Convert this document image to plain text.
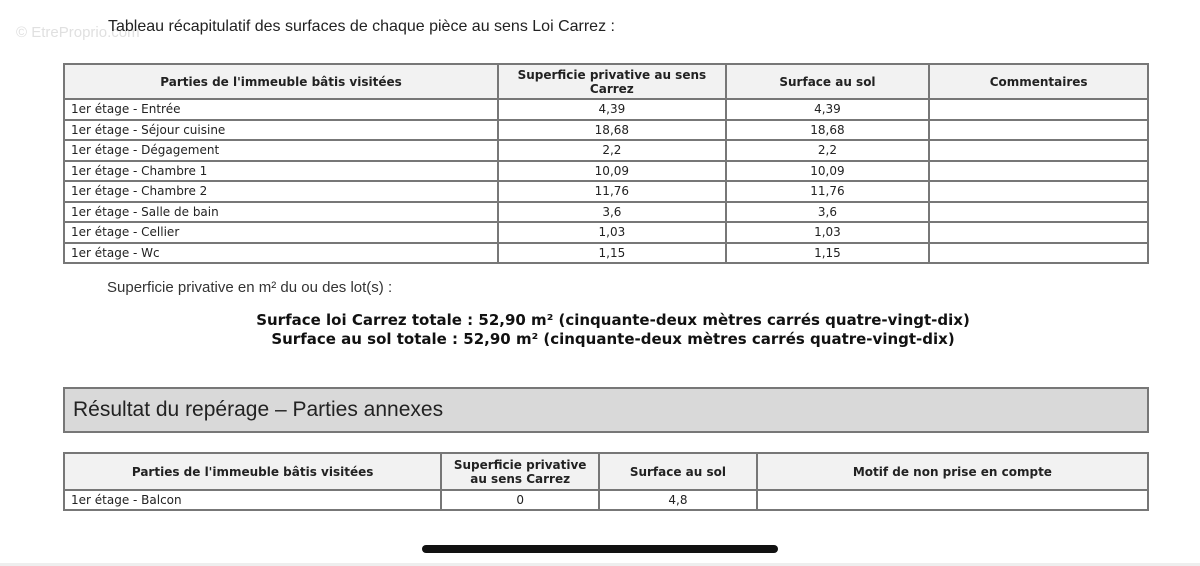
© EtreProprio.com
Tableau récapitulatif des surfaces de chaque pièce au sens Loi Carrez :
Parties de l'immeuble bâtis visitées	Superficie privative au sens Carrez	Surface au sol	Commentaires
1er étage - Entrée	4,39	4,39	
1er étage - Séjour cuisine	18,68	18,68	
1er étage - Dégagement	2,2	2,2	
1er étage - Chambre 1	10,09	10,09	
1er étage - Chambre 2	11,76	11,76	
1er étage - Salle de bain	3,6	3,6	
1er étage - Cellier	1,03	1,03	
1er étage - Wc	1,15	1,15	
Superficie privative en m² du ou des lot(s) :
Surface loi Carrez totale : 52,90 m² (cinquante-deux mètres carrés quatre-vingt-dix)
Surface au sol totale : 52,90 m² (cinquante-deux mètres carrés quatre-vingt-dix)
Résultat du repérage – Parties annexes
Parties de l'immeuble bâtis visitées	Superficie privative au sens Carrez	Surface au sol	Motif de non prise en compte
1er étage - Balcon	0	4,8	
